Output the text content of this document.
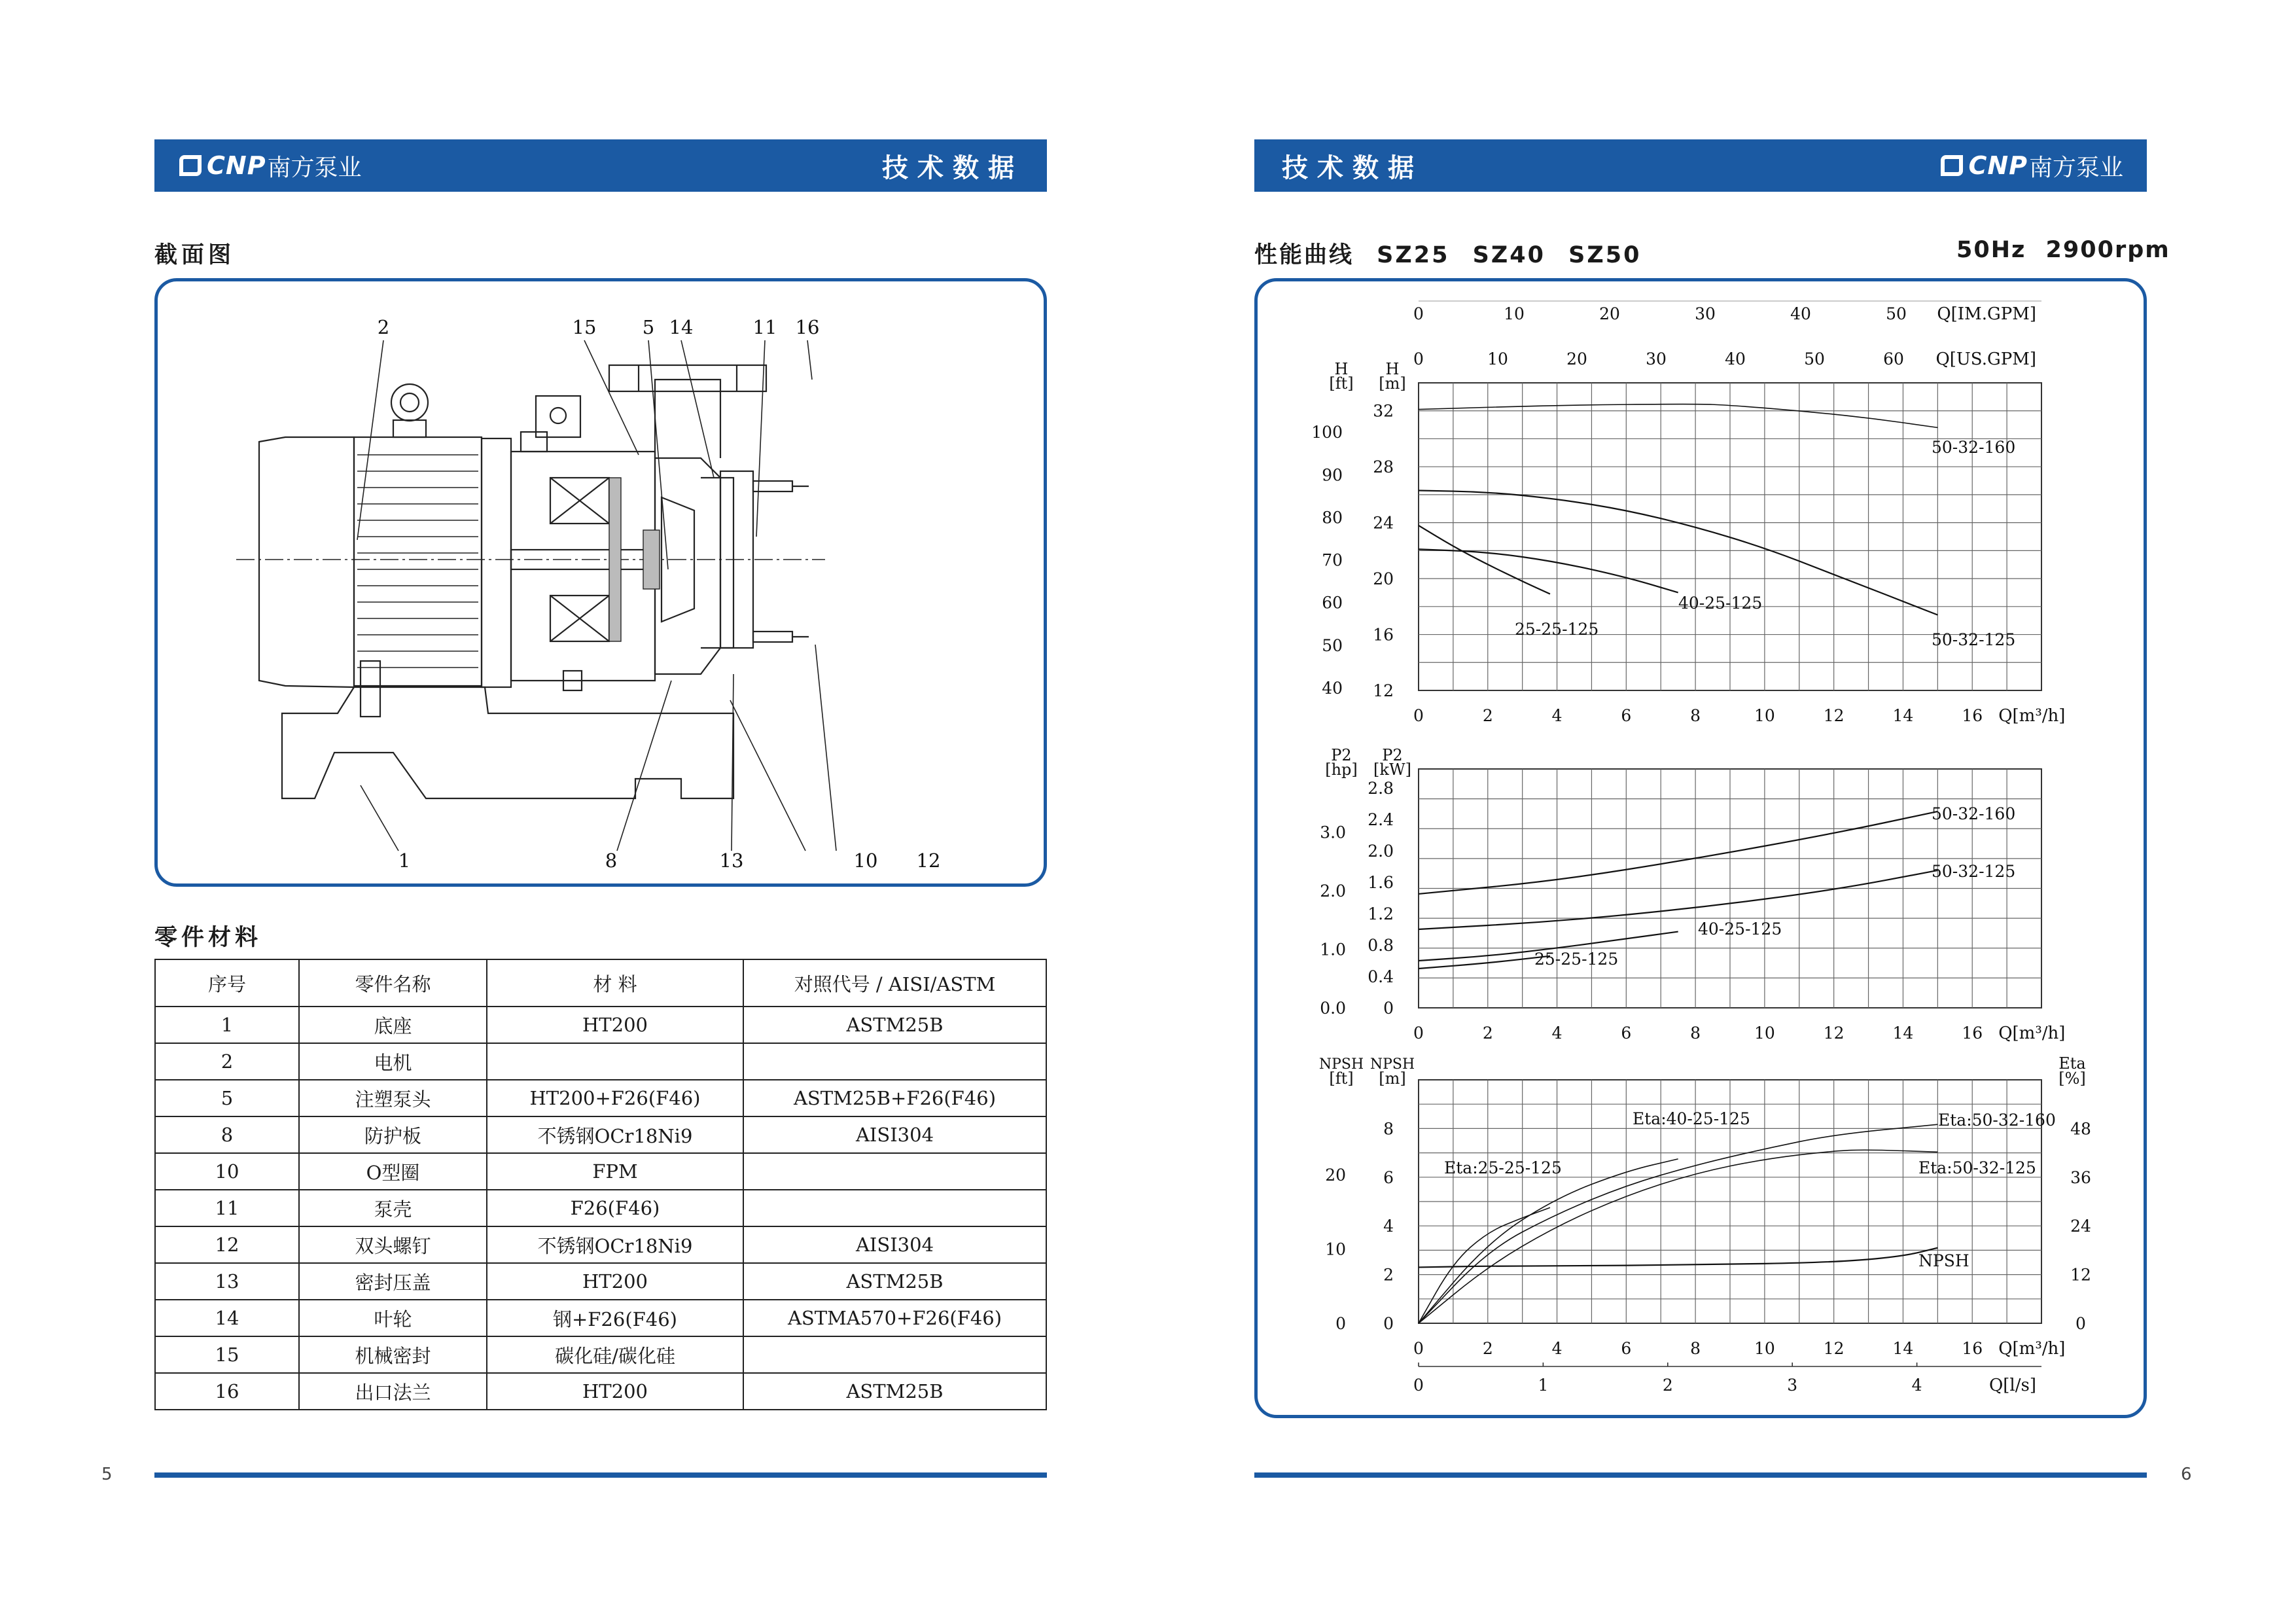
CNP 南方泵业	技术数据
截面图
2	15 5 14	11 16
1	8	13	10 12
零件材料
序号	零件名称	材 料	对照代号 / AISI/ASTM
1	底座	HT200	ASTM25B
2	电机		
5	注塑泵头	HT200+F26(F46)	ASTM25B+F26(F46)
8	防护板	不锈钢OCr18Ni9	AISI304
10	O型圈	FPM	
11	泵壳	F26(F46)	
12	双头螺钉	不锈钢OCr18Ni9	AISI304
13	密封压盖	HT200	ASTM25B
14	叶轮	钢+F26(F46)	ASTMA570+F26(F46)
15	机械密封	碳化硅/碳化硅	
16	出口法兰	HT200	ASTM25B
5
技术数据	CNP 南方泵业
性能曲线 SZ25 SZ40 SZ50	50Hz 2900rpm
0	10	20	30	40	50 Q[IM.GPM]
0	10	20	30	40	50	60 Q[US.GPM]
H
[ft]
H
[m]
12
16
20
24
28
32
40
50
60
70
80
90
100
0	2	4	6	8	10	12	14	16 Q[m³/h]
50-32-160
50-32-125
40-25-125
25-25-125
P2
[hp]
P2
[kW]
0
0.4
0.8
1.2
1.6
2.0
2.4
2.8
0.0
1.0
2.0
3.0
0	2	4	6	8	10	12	14	16 Q[m³/h]
50-32-160
50-32-125
40-25-125
25-25-125
NPSH
[ft]
NPSH
[m]
Eta
[%]
0
2
4
6
8
0
10
20
0
12
24
36
48
0	2	4	6	8	10	12	14	16 Q[m³/h]
0	1	2	3	4	Q[l/s]
NPSH
Eta:50-32-160
Eta:50-32-125
Eta:40-25-125
Eta:25-25-125
6
